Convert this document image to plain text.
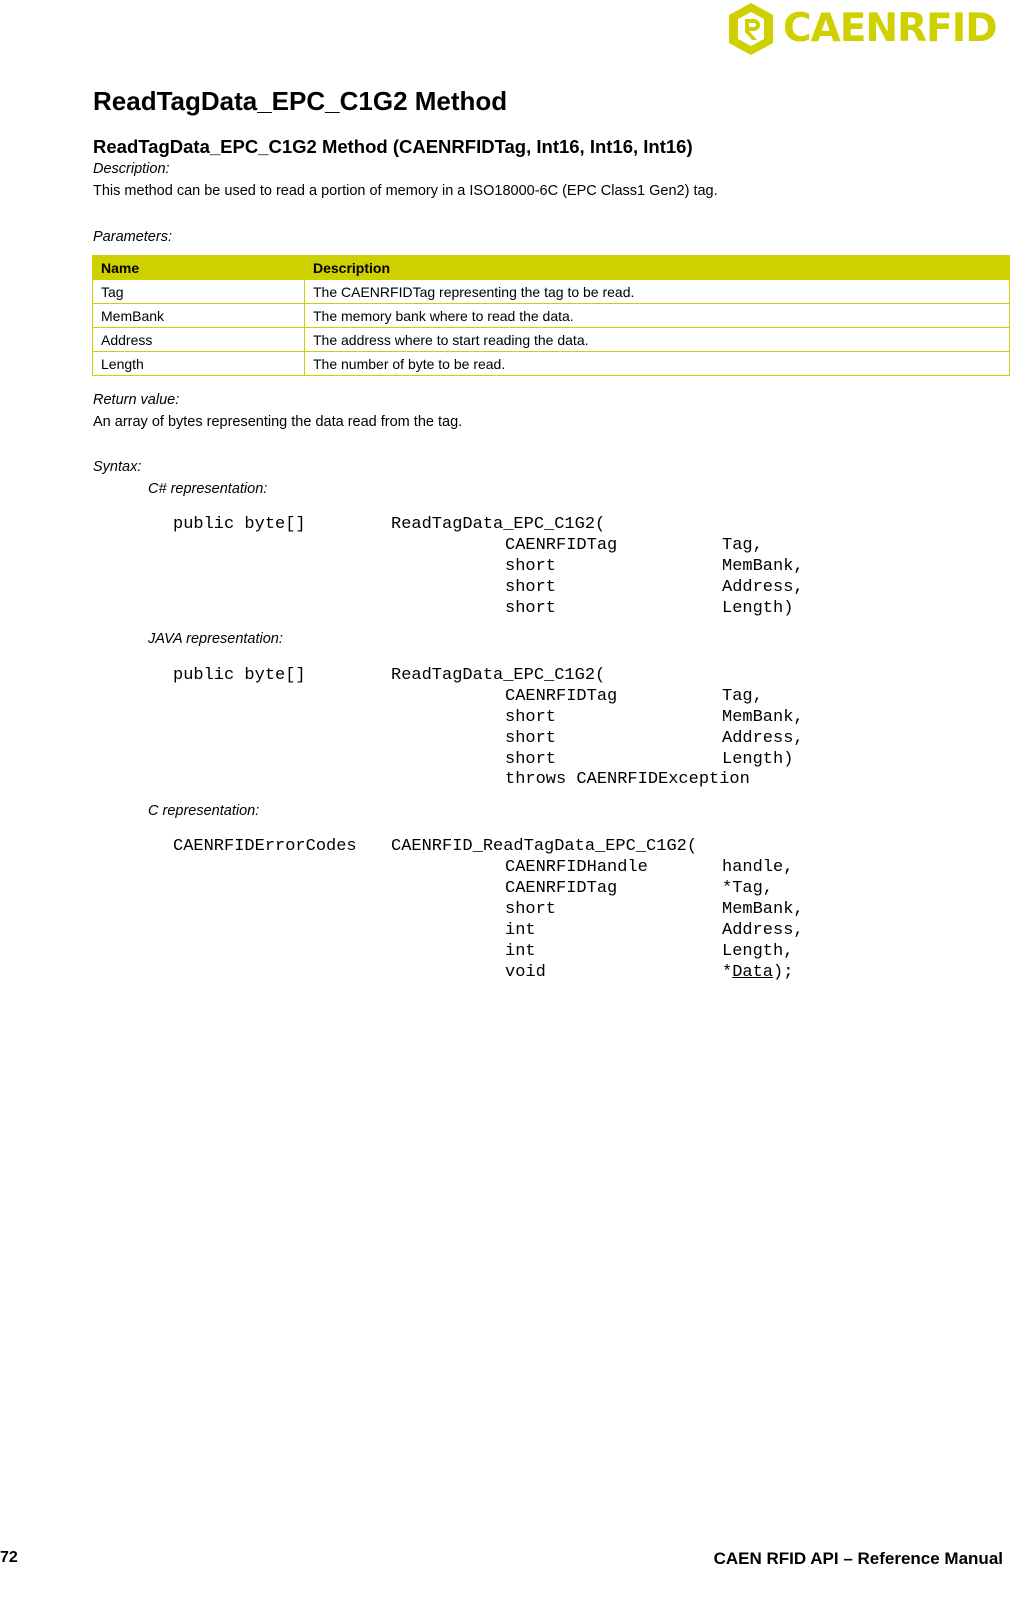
CAENRFID
ReadTagData_EPC_C1G2 Method
ReadTagData_EPC_C1G2 Method (CAENRFIDTag, Int16, Int16, Int16)
Description:
This method can be used to read a portion of memory in a ISO18000-6C (EPC Class1 Gen2) tag.
Parameters:
Name	Description
Tag	The CAENRFIDTag representing the tag to be read.
MemBank	The memory bank where to read the data.
Address	The address where to start reading the data.
Length	The number of byte to be read.
Return value:
An array of bytes representing the data read from the tag.
Syntax:
C# representation:
public byte[]	ReadTagData_EPC_C1G2(
CAENRFIDTag	Tag,
short	MemBank,
short	Address,
short	Length)
JAVA representation:
public byte[]	ReadTagData_EPC_C1G2(
CAENRFIDTag	Tag,
short	MemBank,
short	Address,
short	Length)
throws CAENRFIDException
C representation:
CAENRFIDErrorCodes CAENRFID_ReadTagData_EPC_C1G2(
CAENRFIDHandle	handle,
CAENRFIDTag	*Tag,
short	MemBank,
int	Address,
int	Length,
void	*Data);
72	CAEN RFID API – Reference Manual
